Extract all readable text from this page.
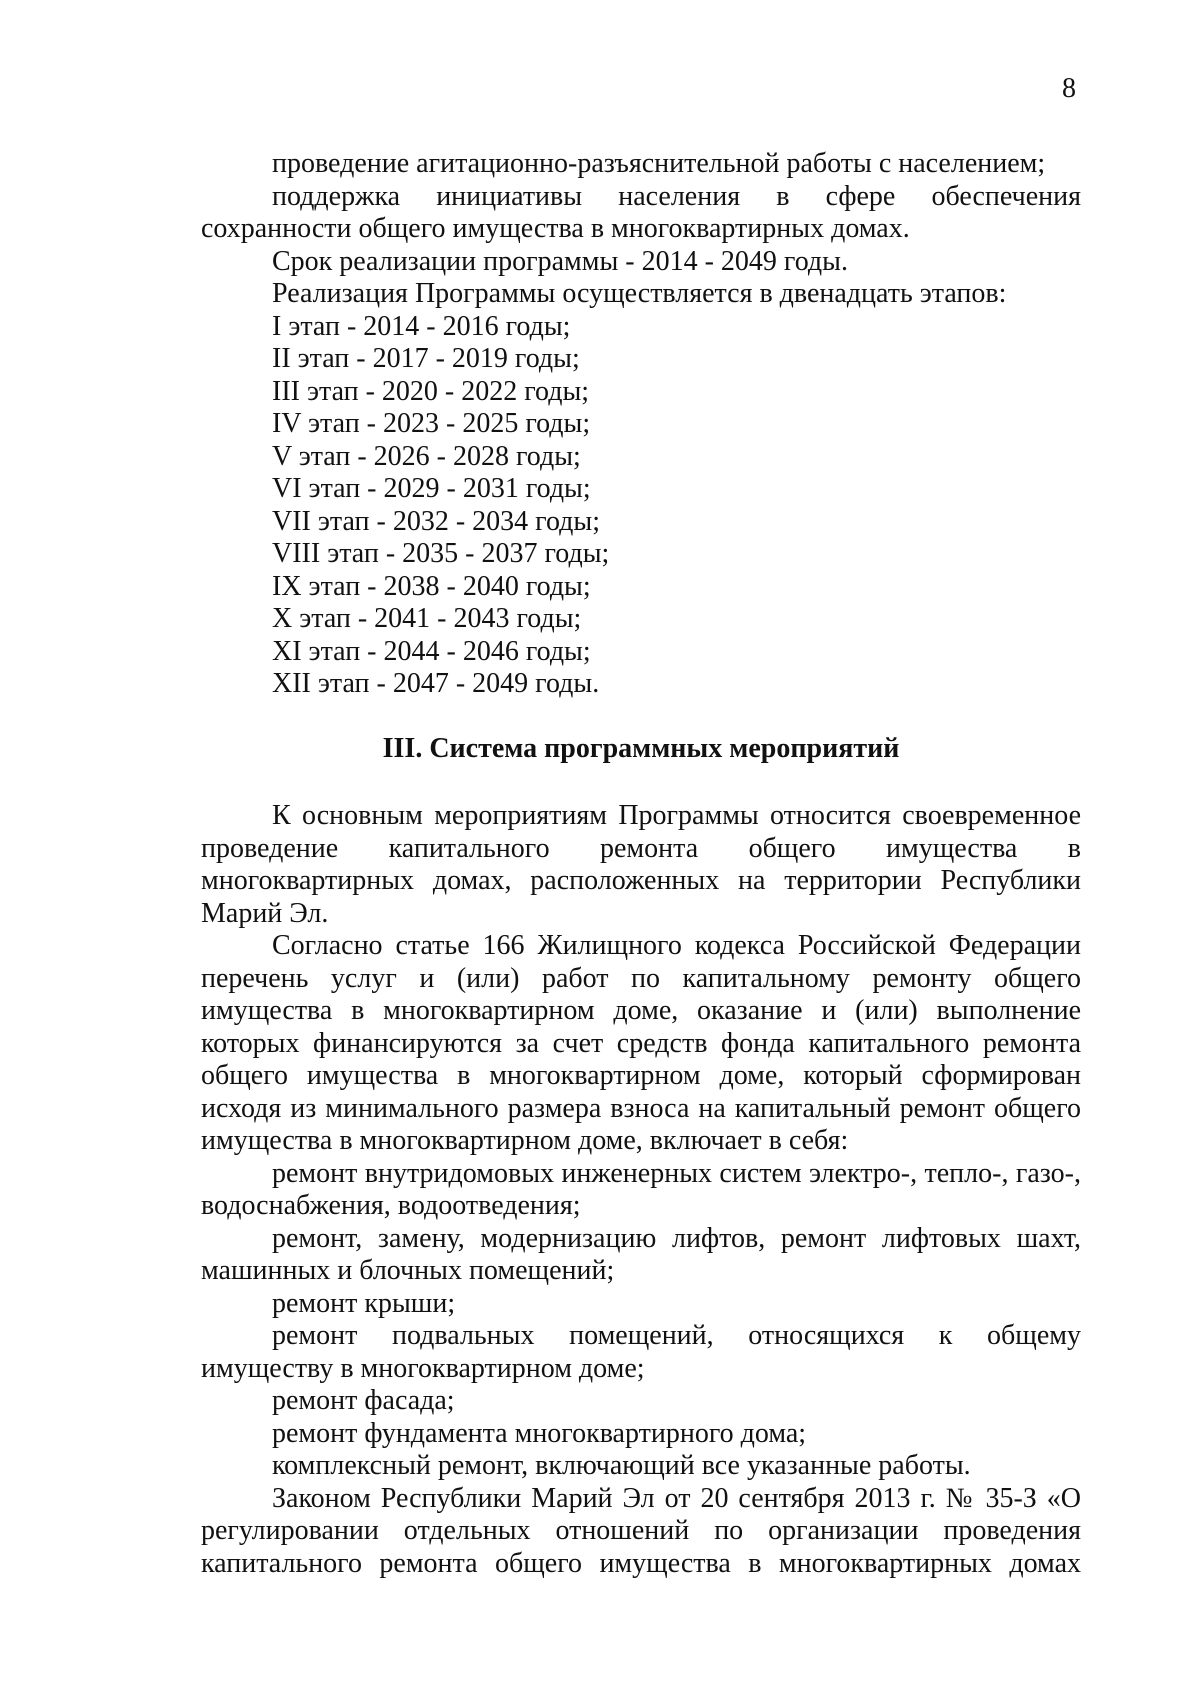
8

проведение агитационно-разъяснительной работы с населением;

поддержка инициативы населения в сфере обеспечения сохранности общего имущества в многоквартирных домах.

Срок реализации программы - 2014 - 2049 годы.

Реализация Программы осуществляется в двенадцать этапов:

I этап - 2014 - 2016 годы;
II этап - 2017 - 2019 годы;
III этап - 2020 - 2022 годы;
IV этап - 2023 - 2025 годы;
V этап - 2026 - 2028 годы;
VI этап - 2029 - 2031 годы;
VII этап - 2032 - 2034 годы;
VIII этап - 2035 - 2037 годы;
IX этап - 2038 - 2040 годы;
X этап - 2041 - 2043 годы;
XI этап - 2044 - 2046 годы;
XII этап - 2047 - 2049 годы.
III. Система программных мероприятий

К основным мероприятиям Программы относится своевременное проведение капитального ремонта общего имущества в многоквартирных домах, расположенных на территории Республики Марий Эл.

Согласно статье 166 Жилищного кодекса Российской Федерации перечень услуг и (или) работ по капитальному ремонту общего имущества в многоквартирном доме, оказание и (или) выполнение которых финансируются за счет средств фонда капитального ремонта общего имущества в многоквартирном доме, который сформирован исходя из минимального размера взноса на капитальный ремонт общего имущества в многоквартирном доме, включает в себя:

ремонт внутридомовых инженерных систем электро-, тепло-, газо-, водоснабжения, водоотведения;

ремонт, замену, модернизацию лифтов, ремонт лифтовых шахт, машинных и блочных помещений;

ремонт крыши;

ремонт подвальных помещений, относящихся к общему имуществу в многоквартирном доме;

ремонт фасада;

ремонт фундамента многоквартирного дома;

комплексный ремонт, включающий все указанные работы.

Законом Республики Марий Эл от 20 сентября 2013 г. № 35-З «О регулировании отдельных отношений по организации проведения капитального ремонта общего имущества в многоквартирных домах
